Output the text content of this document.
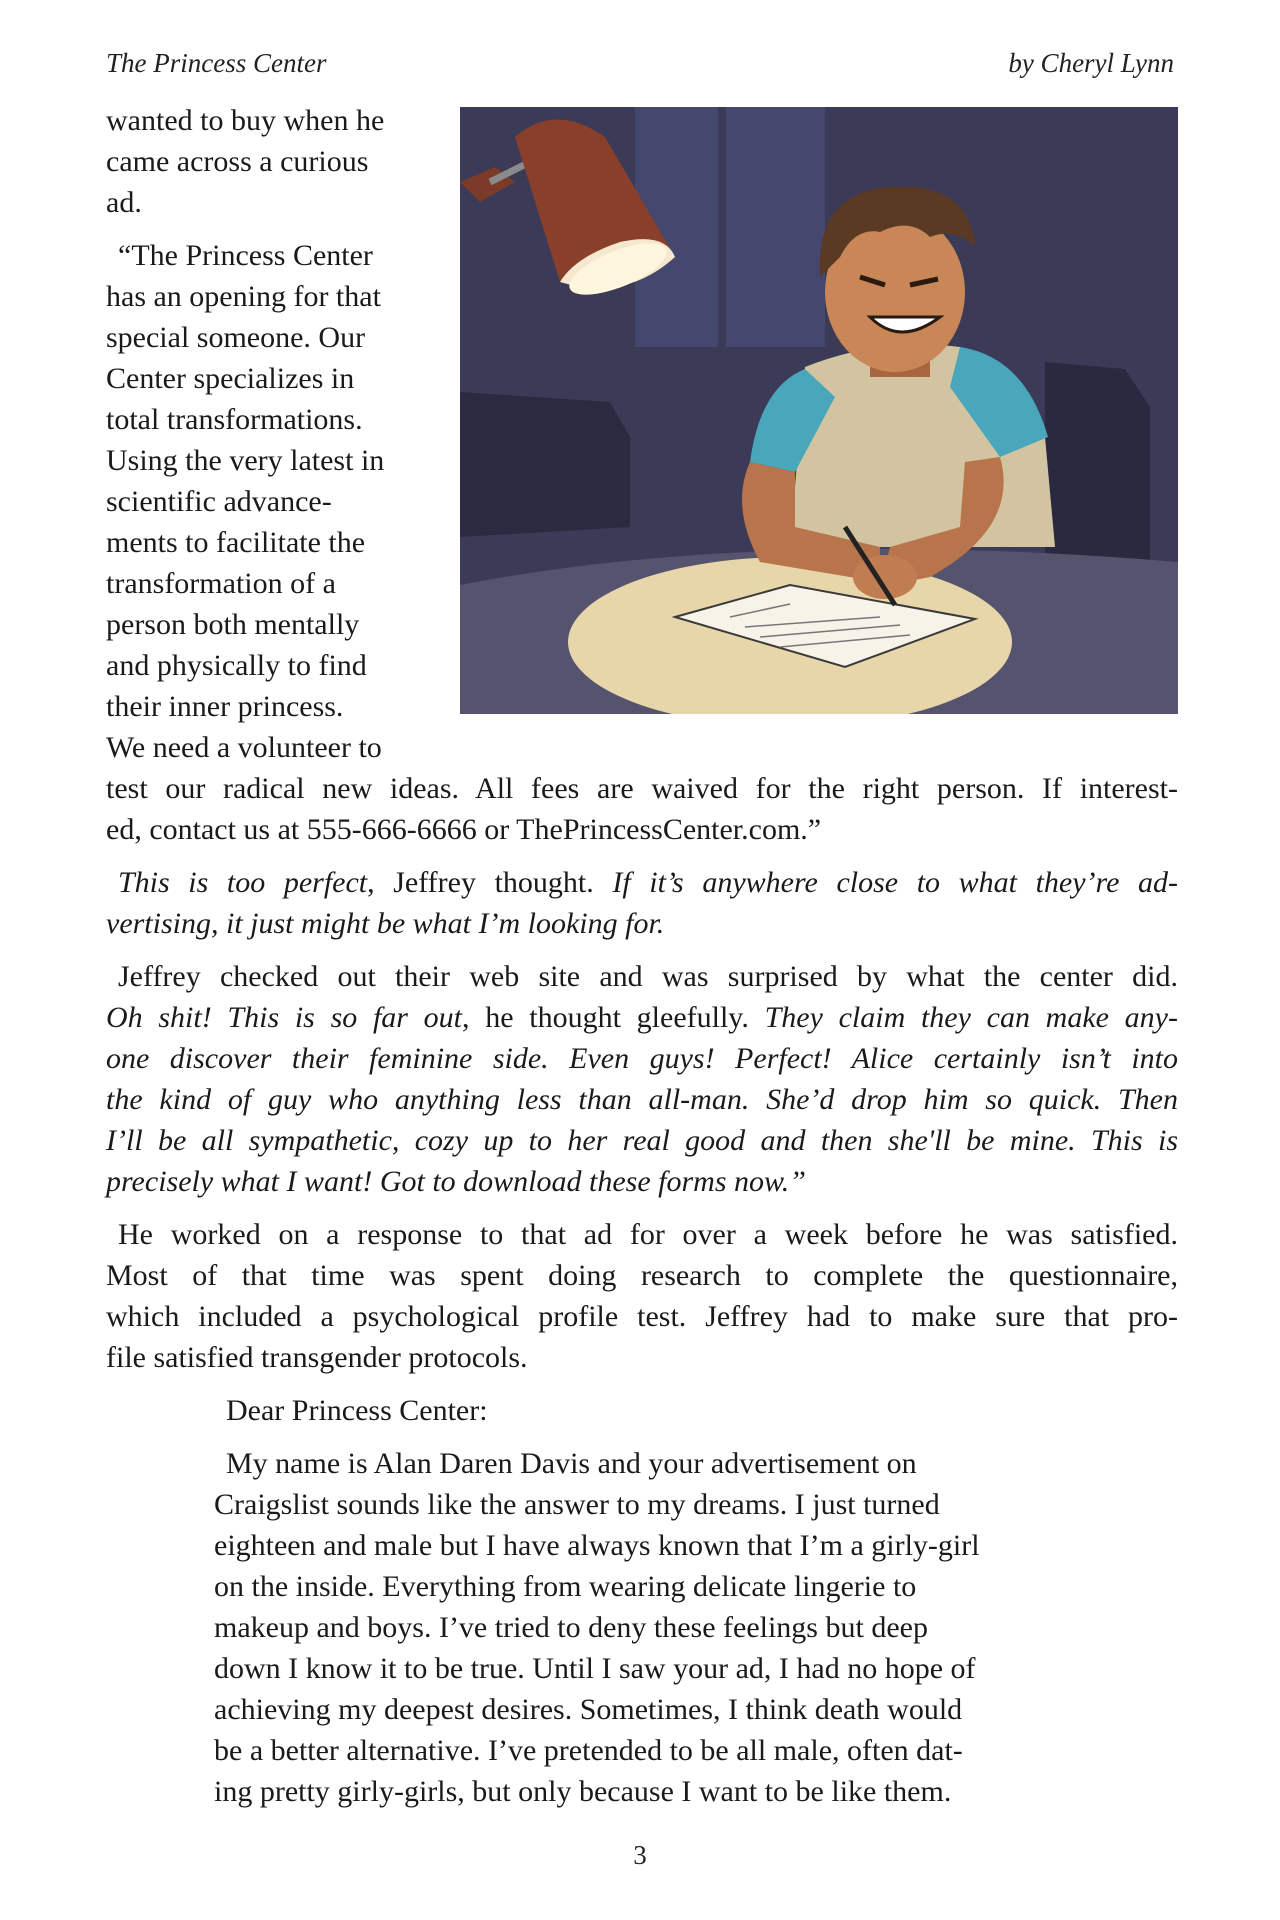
The Princess Center	by Cheryl Lynn
wanted to buy when he
came across a curious
ad.
“The Princess Center
has an opening for that
special someone. Our
Center specializes in
total transformations.
Using the very latest in
scientific advance-
ments to facilitate the
transformation of a
person both mentally
and physically to find
their inner princess.
We need a volunteer to
test our radical new ideas. All fees are waived for the right person. If interest-
ed, contact us at 555-666-6666 or ThePrincessCenter.com.”
This is too perfect, Jeffrey thought. If it’s anywhere close to what they’re ad-
vertising, it just might be what I’m looking for.
Jeffrey checked out their web site and was surprised by what the center did.
Oh shit! This is so far out, he thought gleefully. They claim they can make any-
one discover their feminine side. Even guys! Perfect! Alice certainly isn’t into
the kind of guy who anything less than all-man. She’d drop him so quick. Then
I’ll be all sympathetic, cozy up to her real good and then she'll be mine. This is
precisely what I want! Got to download these forms now.”
He worked on a response to that ad for over a week before he was satisfied.
Most of that time was spent doing research to complete the questionnaire,
which included a psychological profile test. Jeffrey had to make sure that pro-
file satisfied transgender protocols.
Dear Princess Center:
My name is Alan Daren Davis and your advertisement on
Craigslist sounds like the answer to my dreams. I just turned
eighteen and male but I have always known that I’m a girly-girl
on the inside. Everything from wearing delicate lingerie to
makeup and boys. I’ve tried to deny these feelings but deep
down I know it to be true. Until I saw your ad, I had no hope of
achieving my deepest desires. Sometimes, I think death would
be a better alternative. I’ve pretended to be all male, often dat-
ing pretty girly-girls, but only because I want to be like them.
3
